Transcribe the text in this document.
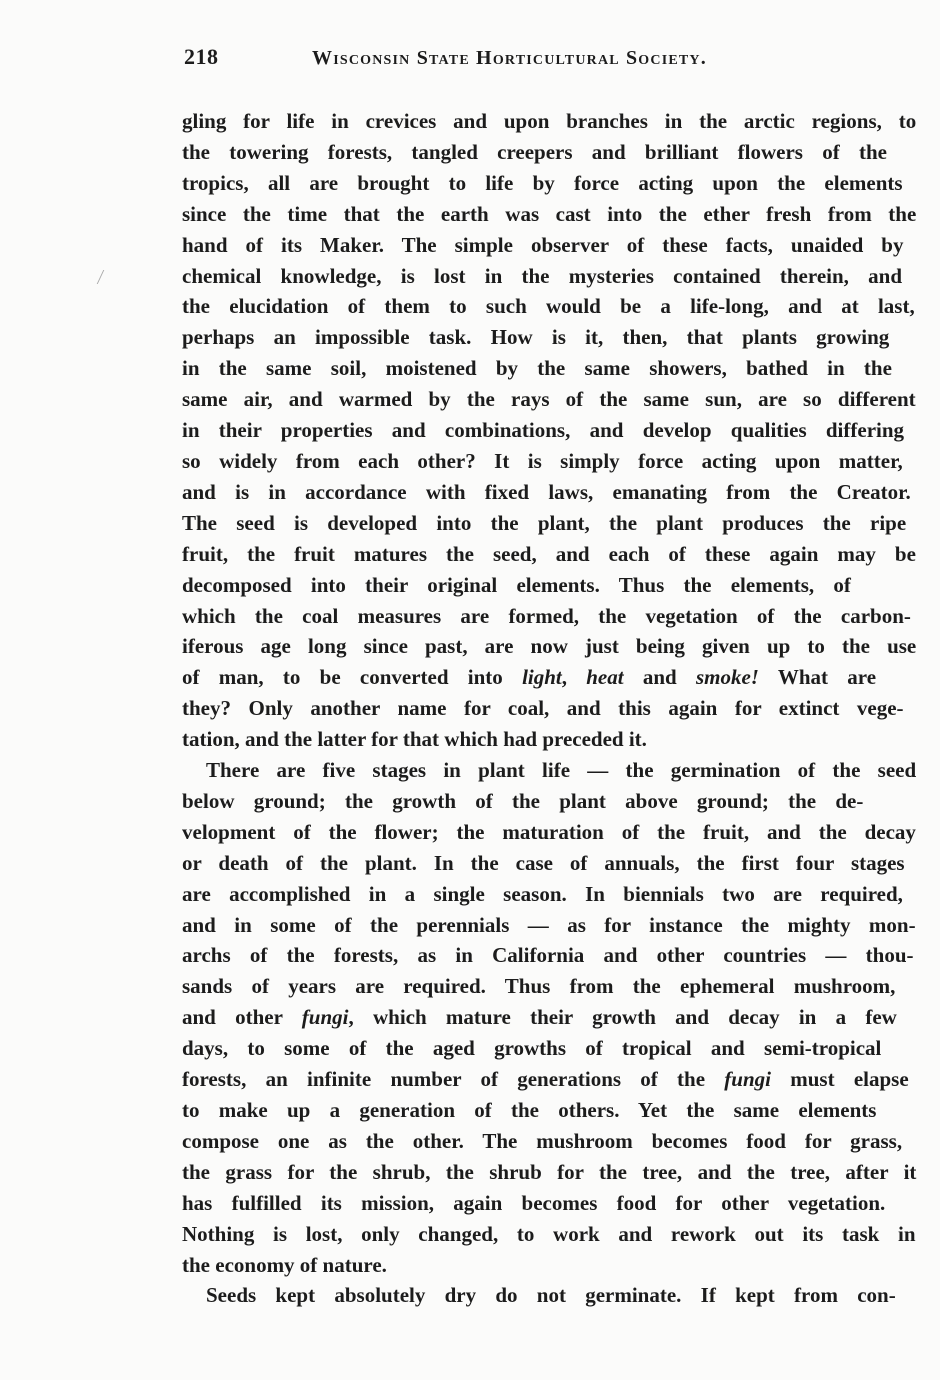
218	Wisconsin State Horticultural Society.
gling for life in crevices and upon branches in the arctic regions, to
the towering forests, tangled creepers and brilliant flowers of the
tropics, all are brought to life by force acting upon the elements
since the time that the earth was cast into the ether fresh from the
hand of its Maker. The simple observer of these facts, unaided by
chemical knowledge, is lost in the mysteries contained therein, and
the elucidation of them to such would be a life-long, and at last,
perhaps an impossible task. How is it, then, that plants growing
in the same soil, moistened by the same showers, bathed in the
same air, and warmed by the rays of the same sun, are so different
in their properties and combinations, and develop qualities differing
so widely from each other? It is simply force acting upon matter,
and is in accordance with fixed laws, emanating from the Creator.
The seed is developed into the plant, the plant produces the ripe
fruit, the fruit matures the seed, and each of these again may be
decomposed into their original elements. Thus the elements, of
which the coal measures are formed, the vegetation of the carbon-
iferous age long since past, are now just being given up to the use
of man, to be converted into light, heat and smoke! What are
they? Only another name for coal, and this again for extinct vege-
tation, and the latter for that which had preceded it.
There are five stages in plant life — the germination of the seed
below ground; the growth of the plant above ground; the de-
velopment of the flower; the maturation of the fruit, and the decay
or death of the plant. In the case of annuals, the first four stages
are accomplished in a single season. In biennials two are required,
and in some of the perennials — as for instance the mighty mon-
archs of the forests, as in California and other countries — thou-
sands of years are required. Thus from the ephemeral mushroom,
and other fungi, which mature their growth and decay in a few
days, to some of the aged growths of tropical and semi-tropical
forests, an infinite number of generations of the fungi must elapse
to make up a generation of the others. Yet the same elements
compose one as the other. The mushroom becomes food for grass,
the grass for the shrub, the shrub for the tree, and the tree, after it
has fulfilled its mission, again becomes food for other vegetation.
Nothing is lost, only changed, to work and rework out its task in
the economy of nature.
Seeds kept absolutely dry do not germinate. If kept from con-
